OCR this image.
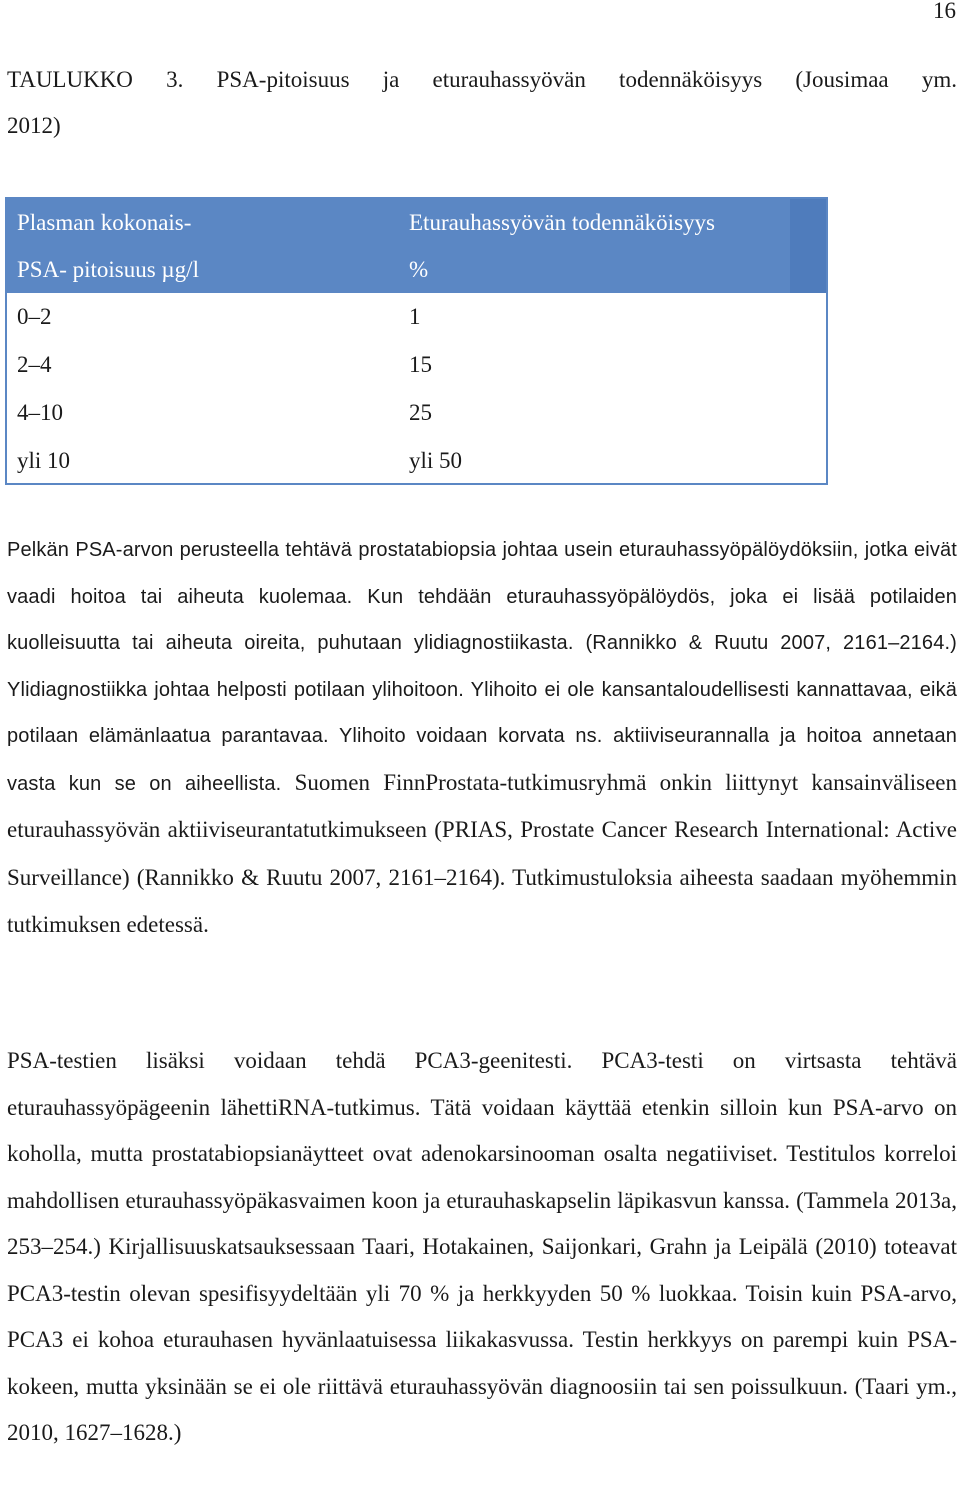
16
TAULUKKO 3. PSA-pitoisuus ja eturauhassyövän todennäköisyys (Jousimaa ym.
2012)
Plasman kokonais-	Eturauhassyövän todennäköisyys
PSA- pitoisuus µg/l	%
0–2	1
2–4	15
4–10	25
yli 10	yli 50

Pelkän PSA-arvon perusteella tehtävä prostatabiopsia johtaa usein eturauhassyöpälöydöksiin, jotka eivät vaadi hoitoa tai aiheuta kuolemaa. Kun tehdään eturauhassyöpälöydös, joka ei lisää potilaiden kuolleisuutta tai aiheuta oireita, puhutaan ylidiagnostiikasta. (Rannikko & Ruutu 2007, 2161–2164.) Ylidiagnostiikka johtaa helposti potilaan ylihoitoon. Ylihoito ei ole kansantaloudellisesti kannattavaa, eikä potilaan elämänlaatua parantavaa. Ylihoito voidaan korvata ns. aktiiviseurannalla ja hoitoa annetaan vasta kun se on aiheellista. Suomen FinnProstata-tutkimusryhmä onkin liittynyt kansainväliseen eturauhassyövän aktiiviseurantatutkimukseen (PRIAS, Prostate Cancer Research International: Active Surveillance) (Rannikko & Ruutu 2007, 2161–2164). Tutkimustuloksia aiheesta saadaan myöhemmin tutkimuksen edetessä.

PSA-testien lisäksi voidaan tehdä PCA3-geenitesti. PCA3-testi on virtsasta tehtävä eturauhassyöpägeenin lähettiRNA-tutkimus. Tätä voidaan käyttää etenkin silloin kun PSA-arvo on koholla, mutta prostatabiopsianäytteet ovat adenokarsinooman osalta negatiiviset. Testitulos korreloi mahdollisen eturauhassyöpäkasvaimen koon ja eturauhaskapselin läpikasvun kanssa. (Tammela 2013a, 253–254.) Kirjallisuuskatsauksessaan Taari, Hotakainen, Saijonkari, Grahn ja Leipälä (2010) toteavat PCA3-testin olevan spesifisyydeltään yli 70 % ja herkkyyden 50 % luokkaa. Toisin kuin PSA-arvo, PCA3 ei kohoa eturauhasen hyvänlaatuisessa liikakasvussa. Testin herkkyys on parempi kuin PSA-kokeen, mutta yksinään se ei ole riittävä eturauhassyövän diagnoosiin tai sen poissulkuun. (Taari ym., 2010, 1627–1628.)
